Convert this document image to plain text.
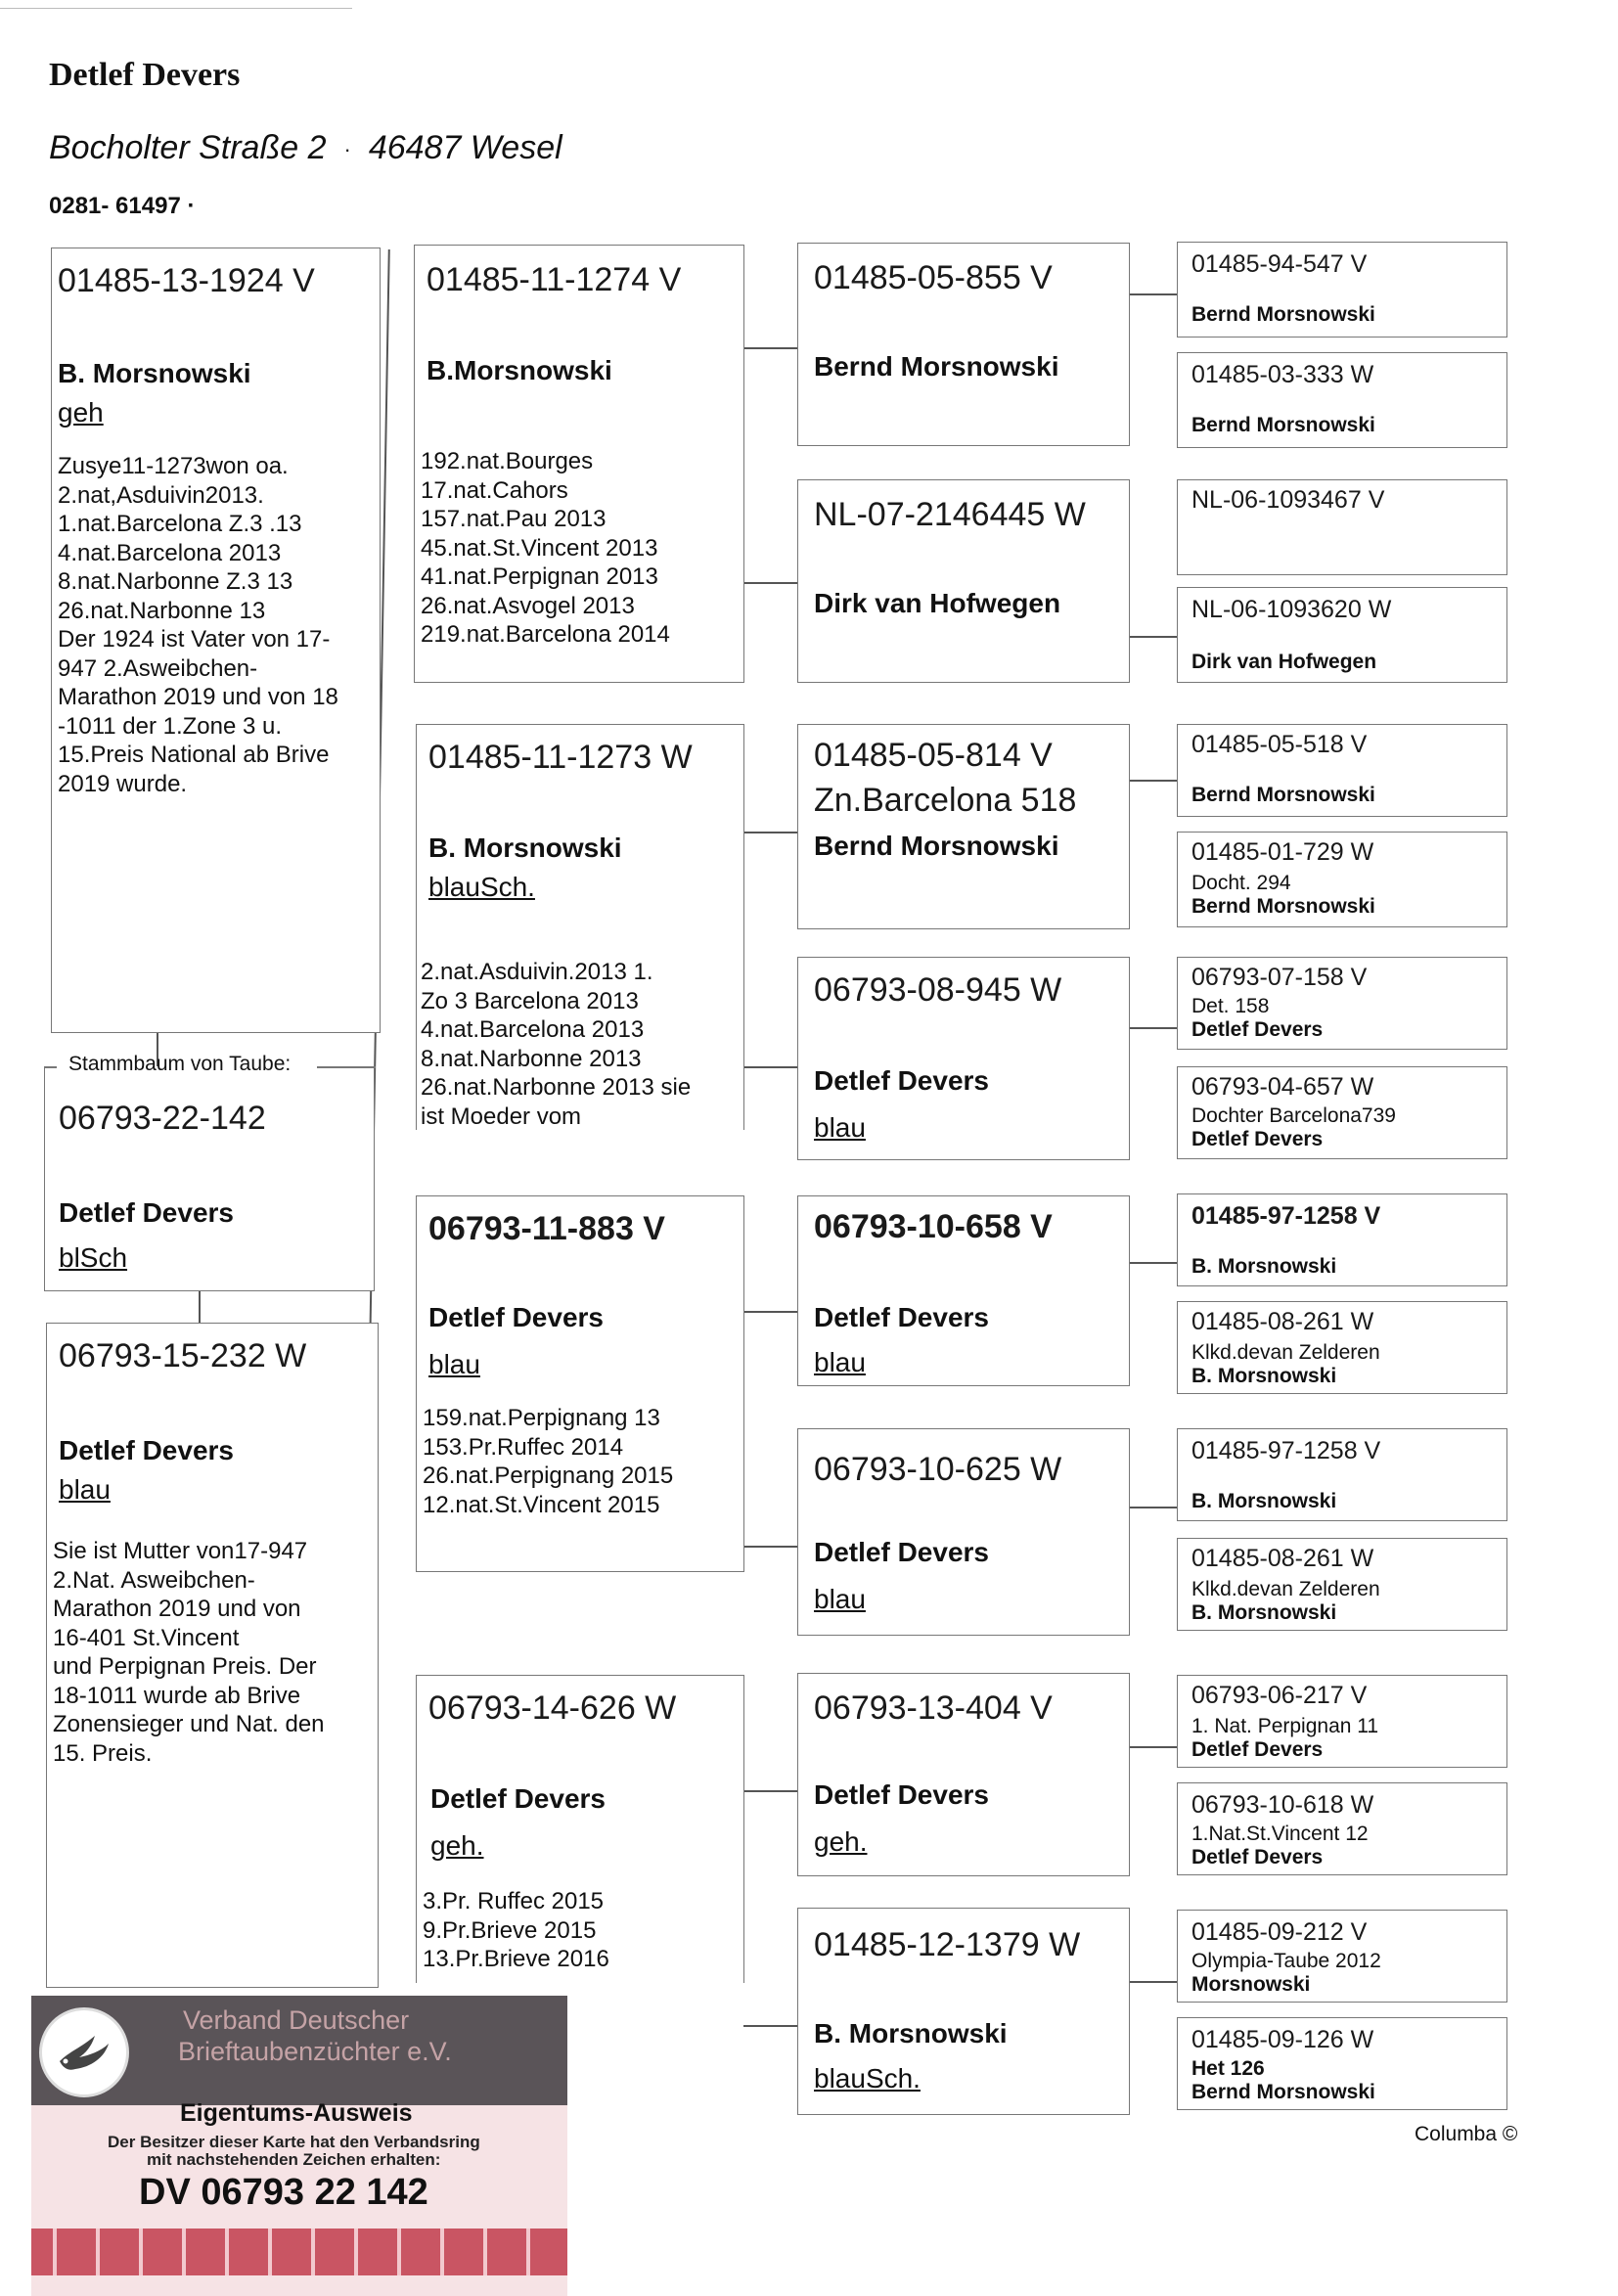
Detlef Devers
Bocholter Straße 2 · 46487 Wesel
0281- 61497 ·
01485-13-1924 V
B. Morsnowski
geh
Zusye11-1273won oa.
2.nat,Asduivin2013.
1.nat.Barcelona Z.3 .13
4.nat.Barcelona 2013
8.nat.Narbonne Z.3 13
26.nat.Narbonne 13
Der 1924 ist Vater von 17-
947 2.Asweibchen-
Marathon 2019 und von 18
-1011 der 1.Zone 3 u.
15.Preis National ab Brive
2019 wurde.
Stammbaum von Taube:
06793-22-142
Detlef Devers
blSch
06793-15-232 W
Detlef Devers
blau
Sie ist Mutter von17-947
2.Nat. Asweibchen-
Marathon 2019 und von
16-401 St.Vincent
und Perpignan Preis. Der
18-1011 wurde ab Brive
Zonensieger und Nat. den
15. Preis.
01485-11-1274 V
B.Morsnowski
192.nat.Bourges
17.nat.Cahors
157.nat.Pau 2013
45.nat.St.Vincent 2013
41.nat.Perpignan 2013
26.nat.Asvogel 2013
219.nat.Barcelona 2014
01485-11-1273 W
B. Morsnowski
blauSch.
2.nat.Asduivin.2013 1.
Zo 3 Barcelona 2013
4.nat.Barcelona 2013
8.nat.Narbonne 2013
26.nat.Narbonne 2013 sie
ist Moeder vom
06793-11-883 V
Detlef Devers
blau
159.nat.Perpignang 13
153.Pr.Ruffec 2014
26.nat.Perpignang 2015
12.nat.St.Vincent 2015
06793-14-626 W
Detlef Devers
geh.
3.Pr. Ruffec 2015
9.Pr.Brieve 2015
13.Pr.Brieve 2016
01485-05-855 V
Bernd Morsnowski
NL-07-2146445 W
Dirk van Hofwegen
01485-05-814 V
Zn.Barcelona 518
Bernd Morsnowski
06793-08-945 W
Detlef Devers
blau
06793-10-658 V
Detlef Devers
blau
06793-10-625 W
Detlef Devers
blau
06793-13-404 V
Detlef Devers
geh.
01485-12-1379 W
B. Morsnowski
blauSch.
01485-94-547 V
Bernd Morsnowski
01485-03-333 W
Bernd Morsnowski
NL-06-1093467 V
NL-06-1093620 W
Dirk van Hofwegen
01485-05-518 V
Bernd Morsnowski
01485-01-729 W
Docht. 294
Bernd Morsnowski
06793-07-158 V
Det. 158
Detlef Devers
06793-04-657 W
Dochter Barcelona739
Detlef Devers
01485-97-1258 V
B. Morsnowski
01485-08-261 W
Klkd.devan Zelderen
B. Morsnowski
01485-97-1258 V
B. Morsnowski
01485-08-261 W
Klkd.devan Zelderen
B. Morsnowski
06793-06-217 V
1. Nat. Perpignan 11
Detlef Devers
06793-10-618 W
1.Nat.St.Vincent 12
Detlef Devers
01485-09-212 V
Olympia-Taube 2012
Morsnowski
01485-09-126 W
Het 126
Bernd Morsnowski
Verband Deutscher
Brieftaubenzüchter e.V.
Eigentums-Ausweis
Der Besitzer dieser Karte hat den Verbandsring
mit nachstehenden Zeichen erhalten:
DV 06793 22 142
Columba ©
